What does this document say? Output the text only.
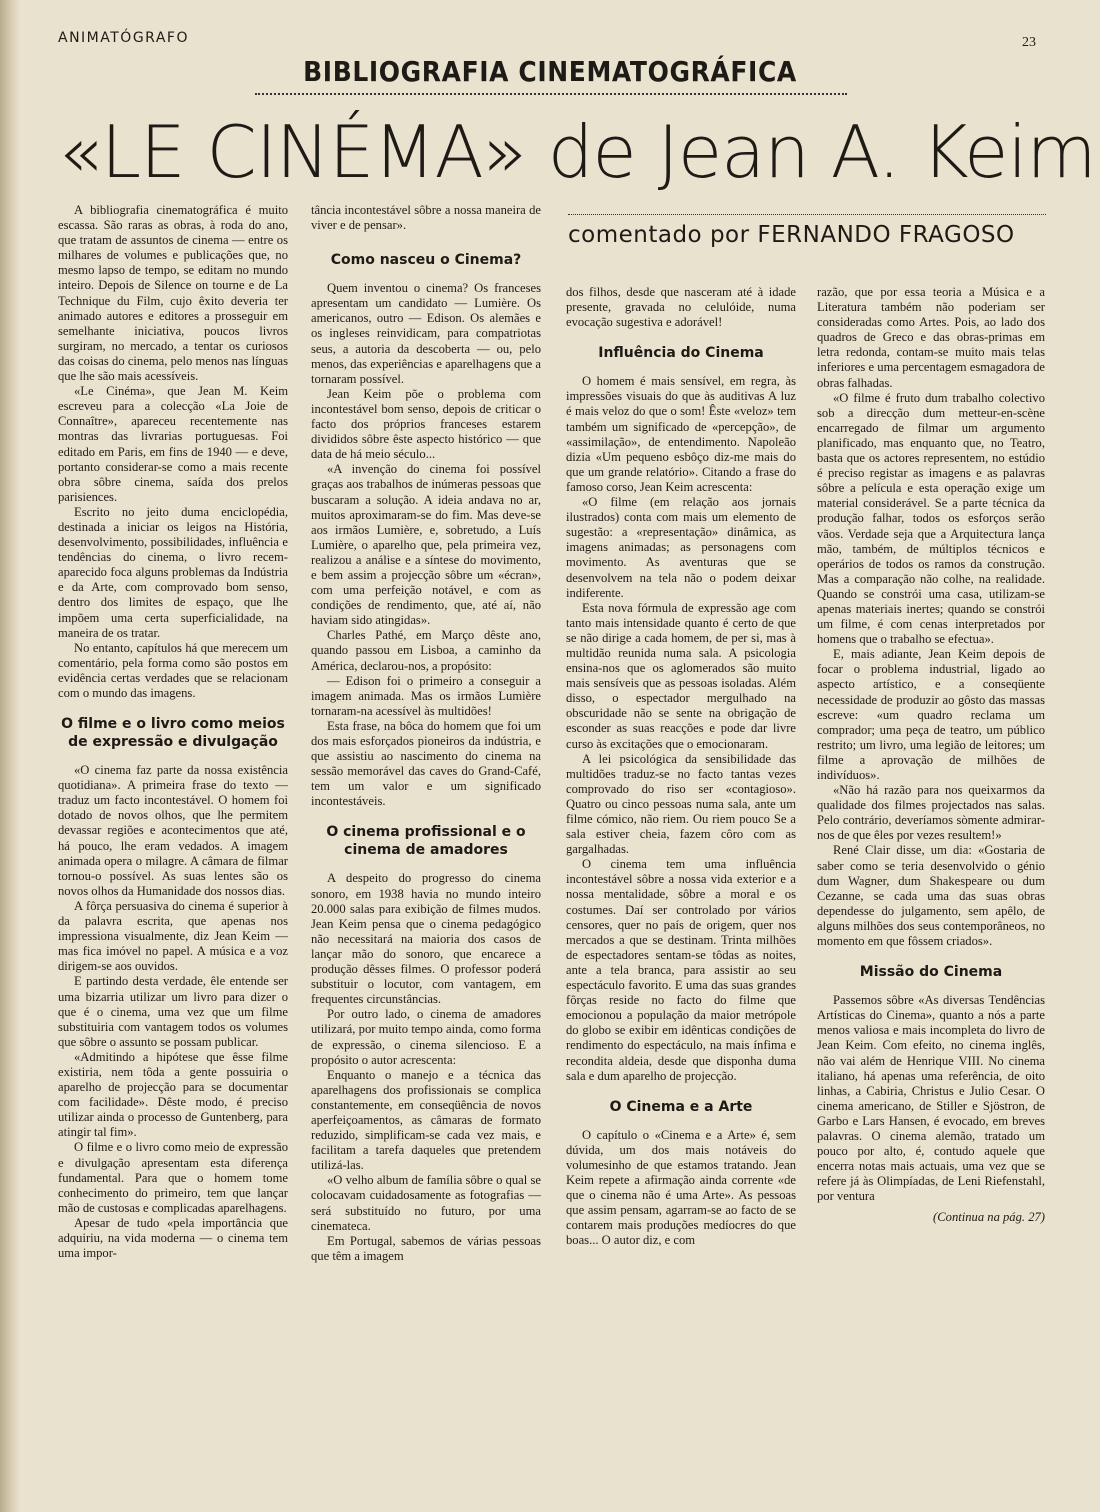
ANIMATÓGRAFO	23
BIBLIOGRAFIA CINEMATOGRÁFICA
«LE CINÉMA» de Jean A. Keim
comentado por FERNANDO FRAGOSO

A bibliografia cinematográfica é muito escassa. São raras as obras, à roda do ano, que tratam de assuntos de cinema — entre os milhares de volumes e publicações que, no mesmo lapso de tempo, se editam no mundo inteiro. Depois de Silence on tourne e de La Technique du Film, cujo êxito deveria ter animado autores e editores a prosseguir em semelhante iniciativa, poucos livros surgiram, no mercado, a tentar os curiosos das coisas do cinema, pelo menos nas línguas que lhe são mais acessíveis.

«Le Cinéma», que Jean M. Keim escreveu para a colecção «La Joie de Connaître», apareceu recentemente nas montras das livrarias portuguesas. Foi editado em Paris, em fins de 1940 — e deve, portanto considerar-se como a mais recente obra sôbre cinema, saída dos prelos parisiences.

Escrito no jeito duma enciclopédia, destinada a iniciar os leigos na História, desenvolvimento, possibilidades, influência e tendências do cinema, o livro recem-aparecido foca alguns problemas da Indústria e da Arte, com comprovado bom senso, dentro dos limites de espaço, que lhe impõem uma certa superficialidade, na maneira de os tratar.

No entanto, capítulos há que merecem um comentário, pela forma como são postos em evidência certas verdades que se relacionam com o mundo das imagens.

O filme e o livro como meios de expressão e divulgação

«O cinema faz parte da nossa existência quotidiana». A primeira frase do texto — traduz um facto incontestável. O homem foi dotado de novos olhos, que lhe permitem devassar regiões e acontecimentos que até, há pouco, lhe eram vedados. A imagem animada opera o milagre. A câmara de filmar tornou-o possível. As suas lentes são os novos olhos da Humanidade dos nossos dias.

A fôrça persuasiva do cinema é superior à da palavra escrita, que apenas nos impressiona visualmente, diz Jean Keim — mas fica imóvel no papel. A música e a voz dirigem-se aos ouvidos.

E partindo desta verdade, êle entende ser uma bizarria utilizar um livro para dizer o que é o cinema, uma vez que um filme substituiria com vantagem todos os volumes que sôbre o assunto se possam publicar.

«Admitindo a hipótese que êsse filme existiria, nem tôda a gente possuiria o aparelho de projecção para se documentar com facilidade». Dêste modo, é preciso utilizar ainda o processo de Guntenberg, para atingir tal fim».

O filme e o livro como meio de expressão e divulgação apresentam esta diferença fundamental. Para que o homem tome conhecimento do primeiro, tem que lançar mão de custosas e complicadas aparelhagens.

Apesar de tudo «pela importância que adquiriu, na vida moderna — o cinema tem uma impor-

tância incontestável sôbre a nossa maneira de viver e de pensar».

Como nasceu o Cinema?

Quem inventou o cinema? Os franceses apresentam um candidato — Lumière. Os americanos, outro — Edison. Os alemães e os ingleses reinvidicam, para compatriotas seus, a autoria da descoberta — ou, pelo menos, das experiências e aparelhagens que a tornaram possível.

Jean Keim põe o problema com incontestável bom senso, depois de criticar o facto dos próprios franceses estarem divididos sôbre êste aspecto histórico — que data de há meio século...

«A invenção do cinema foi possível graças aos trabalhos de inúmeras pessoas que buscaram a solução. A ideia andava no ar, muitos aproximaram-se do fim. Mas deve-se aos irmãos Lumière, e, sobretudo, a Luís Lumière, o aparelho que, pela primeira vez, realizou a análise e a síntese do movimento, e bem assim a projecção sôbre um «écran», com uma perfeição notável, e com as condições de rendimento, que, até aí, não haviam sido atingidas».

Charles Pathé, em Março dêste ano, quando passou em Lisboa, a caminho da América, declarou-nos, a propósito:

— Edison foi o primeiro a conseguir a imagem animada. Mas os irmãos Lumière tornaram-na acessível às multidões!

Esta frase, na bôca do homem que foi um dos mais esforçados pioneiros da indústria, e que assistiu ao nascimento do cinema na sessão memorável das caves do Grand-Café, tem um valor e um significado incontestáveis.

O cinema profissional e o cinema de amadores

A despeito do progresso do cinema sonoro, em 1938 havia no mundo inteiro 20.000 salas para exibição de filmes mudos. Jean Keim pensa que o cinema pedagógico não necessitará na maioria dos casos de lançar mão do sonoro, que encarece a produção dêsses filmes. O professor poderá substituir o locutor, com vantagem, em frequentes circunstâncias.

Por outro lado, o cinema de amadores utilizará, por muito tempo ainda, como forma de expressão, o cinema silencioso. E a propósito o autor acrescenta:

Enquanto o manejo e a técnica das aparelhagens dos profissionais se complica constantemente, em conseqüência de novos aperfeiçoamentos, as câmaras de formato reduzido, simplificam-se cada vez mais, e facilitam a tarefa daqueles que pretendem utilizá-las.

«O velho album de família sôbre o qual se colocavam cuidadosamente as fotografias — será substituído no futuro, por uma cinemateca.

Em Portugal, sabemos de várias pessoas que têm a imagem

dos filhos, desde que nasceram até à idade presente, gravada no celulóide, numa evocação sugestiva e adorável!

Influência do Cinema

O homem é mais sensível, em regra, às impressões visuais do que às auditivas A luz é mais veloz do que o som! Êste «veloz» tem também um significado de «percepção», de «assimilação», de entendimento. Napoleão dizia «Um pequeno esbôço diz-me mais do que um grande relatório». Citando a frase do famoso corso, Jean Keim acrescenta:

«O filme (em relação aos jornais ilustrados) conta com mais um elemento de sugestão: a «representação» dinâmica, as imagens animadas; as personagens com movimento. As aventuras que se desenvolvem na tela não o podem deixar indiferente.

Esta nova fórmula de expressão age com tanto mais intensidade quanto é certo de que se não dirige a cada homem, de per si, mas à multidão reunida numa sala. A psicologia ensina-nos que os aglomerados são muito mais sensíveis que as pessoas isoladas. Além disso, o espectador mergulhado na obscuridade não se sente na obrigação de esconder as suas reacções e pode dar livre curso às excitações que o emocionaram.

A lei psicológica da sensibilidade das multidões traduz-se no facto tantas vezes comprovado do riso ser «contagioso». Quatro ou cinco pessoas numa sala, ante um filme cómico, não riem. Ou riem pouco Se a sala estiver cheia, fazem côro com as gargalhadas.

O cinema tem uma influência incontestável sôbre a nossa vida exterior e a nossa mentalidade, sôbre a moral e os costumes. Daí ser controlado por vários censores, quer no país de origem, quer nos mercados a que se destinam. Trinta milhões de espectadores sentam-se tôdas as noites, ante a tela branca, para assistir ao seu espectáculo favorito. E uma das suas grandes fôrças reside no facto do filme que emocionou a população da maior metrópole do globo se exibir em idênticas condições de rendimento do espectáculo, na mais ínfima e recondita aldeia, desde que disponha duma sala e dum aparelho de projecção.

O Cinema e a Arte

O capítulo o «Cinema e a Arte» é, sem dúvida, um dos mais notáveis do volumesinho de que estamos tratando. Jean Keim repete a afirmação ainda corrente «de que o cinema não é uma Arte». As pessoas que assim pensam, agarram-se ao facto de se contarem mais produções medíocres do que boas... O autor diz, e com

razão, que por essa teoria a Música e a Literatura também não poderiam ser consideradas como Artes. Pois, ao lado dos quadros de Greco e das obras-primas em letra redonda, contam-se muito mais telas inferiores e uma percentagem esmagadora de obras falhadas.

«O filme é fruto dum trabalho colectivo sob a direcção dum metteur-en-scène encarregado de filmar um argumento planificado, mas enquanto que, no Teatro, basta que os actores representem, no estúdio é preciso registar as imagens e as palavras sôbre a película e esta operação exige um material considerável. Se a parte técnica da produção falhar, todos os esforços serão vãos. Verdade seja que a Arquitectura lança mão, também, de múltiplos técnicos e operários de todos os ramos da construção. Mas a comparação não colhe, na realidade. Quando se constrói uma casa, utilizam-se apenas materiais inertes; quando se constrói um filme, é com cenas interpretados por homens que o trabalho se efectua».

E, mais adiante, Jean Keim depois de focar o problema industrial, ligado ao aspecto artístico, e a conseqüente necessidade de produzir ao gôsto das massas escreve: «um quadro reclama um comprador; uma peça de teatro, um público restrito; um livro, uma legião de leitores; um filme a aprovação de milhões de indivíduos».

«Não há razão para nos queixarmos da qualidade dos filmes projectados nas salas. Pelo contrário, deveríamos sòmente admirar-nos de que êles por vezes resultem!»

René Clair disse, um dia: «Gostaria de saber como se teria desenvolvido o génio dum Wagner, dum Shakespeare ou dum Cezanne, se cada uma das suas obras dependesse do julgamento, sem apêlo, de alguns milhões dos seus contemporâneos, no momento em que fôssem criados».

Missão do Cinema

Passemos sôbre «As diversas Tendências Artísticas do Cinema», quanto a nós a parte menos valiosa e mais incompleta do livro de Jean Keim. Com efeito, no cinema inglês, não vai além de Henrique VIII. No cinema italiano, há apenas uma referência, de oito linhas, a Cabiria, Christus e Julio Cesar. O cinema americano, de Stiller e Sjöstron, de Garbo e Lars Hansen, é evocado, em breves palavras. O cinema alemão, tratado um pouco por alto, é, contudo aquele que encerra notas mais actuais, uma vez que se refere já às Olimpíadas, de Leni Riefenstahl, por ventura

(Continua na pág. 27)
